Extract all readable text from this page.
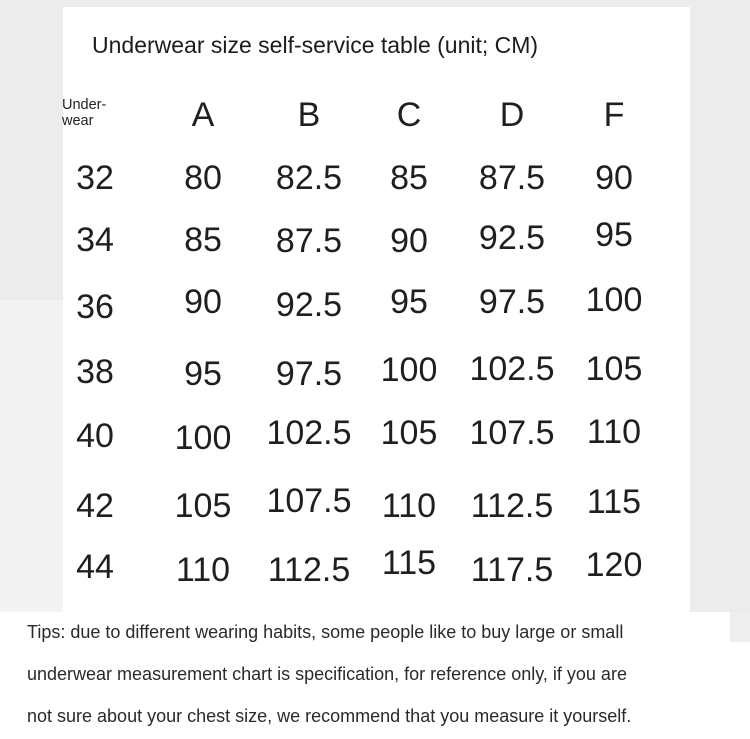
Underwear size self-service table (unit; CM)
Under-
wear	A B C D F
32 80 82.5 85 87.5 90
34 85 87.5 90 92.5 95
36 90 92.5 95 97.5 100
38 95 97.5 100 102.5 105
40 100 102.5 105 107.5 110
42 105 107.5 110 112.5 115
44 110 112.5 115 117.5 120
Tips: due to different wearing habits, some people like to buy large or small
underwear measurement chart is specification, for reference only, if you are
not sure about your chest size, we recommend that you measure it yourself.
